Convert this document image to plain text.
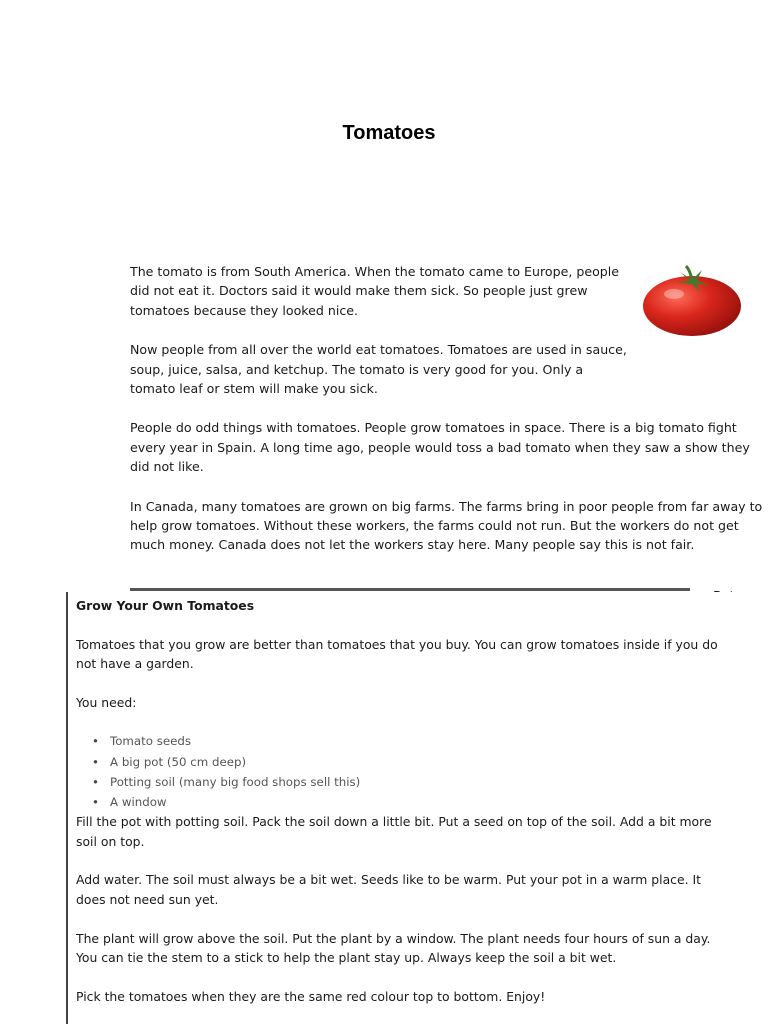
Tomatoes

The tomato is from South America. When the tomato came to Europe, people did not eat it. Doctors said it would make them sick. So people just grew tomatoes because they looked nice.

Now people from all over the world eat tomatoes. Tomatoes are used in sauce, soup, juice, salsa, and ketchup. The tomato is very good for you. Only a tomato leaf or stem will make you sick.

People do odd things with tomatoes. People grow tomatoes in space. There is a big tomato fight every year in Spain. A long time ago, people would toss a bad tomato when they saw a show they did not like.

In Canada, many tomatoes are grown on big farms. The farms bring in poor people from far away to help grow tomatoes. Without these workers, the farms could not run. But the workers do not get much money. Canada does not let the workers stay here. Many people say this is not fair.

Grow Your Own Tomatoes

Tomatoes that you grow are better than tomatoes that you buy. You can grow tomatoes inside if you do not have a garden.

You need:

• Tomato seeds
• A big pot (50 cm deep)
• Potting soil (many big food shops sell this)
• A window

Fill the pot with potting soil. Pack the soil down a little bit. Put a seed on top of the soil. Add a bit more soil on top.

Add water. The soil must always be a bit wet. Seeds like to be warm. Put your pot in a warm place. It does not need sun yet.

The plant will grow above the soil. Put the plant by a window. The plant needs four hours of sun a day. You can tie the stem to a stick to help the plant stay up. Always keep the soil a bit wet.

Pick the tomatoes when they are the same red colour top to bottom. Enjoy!
